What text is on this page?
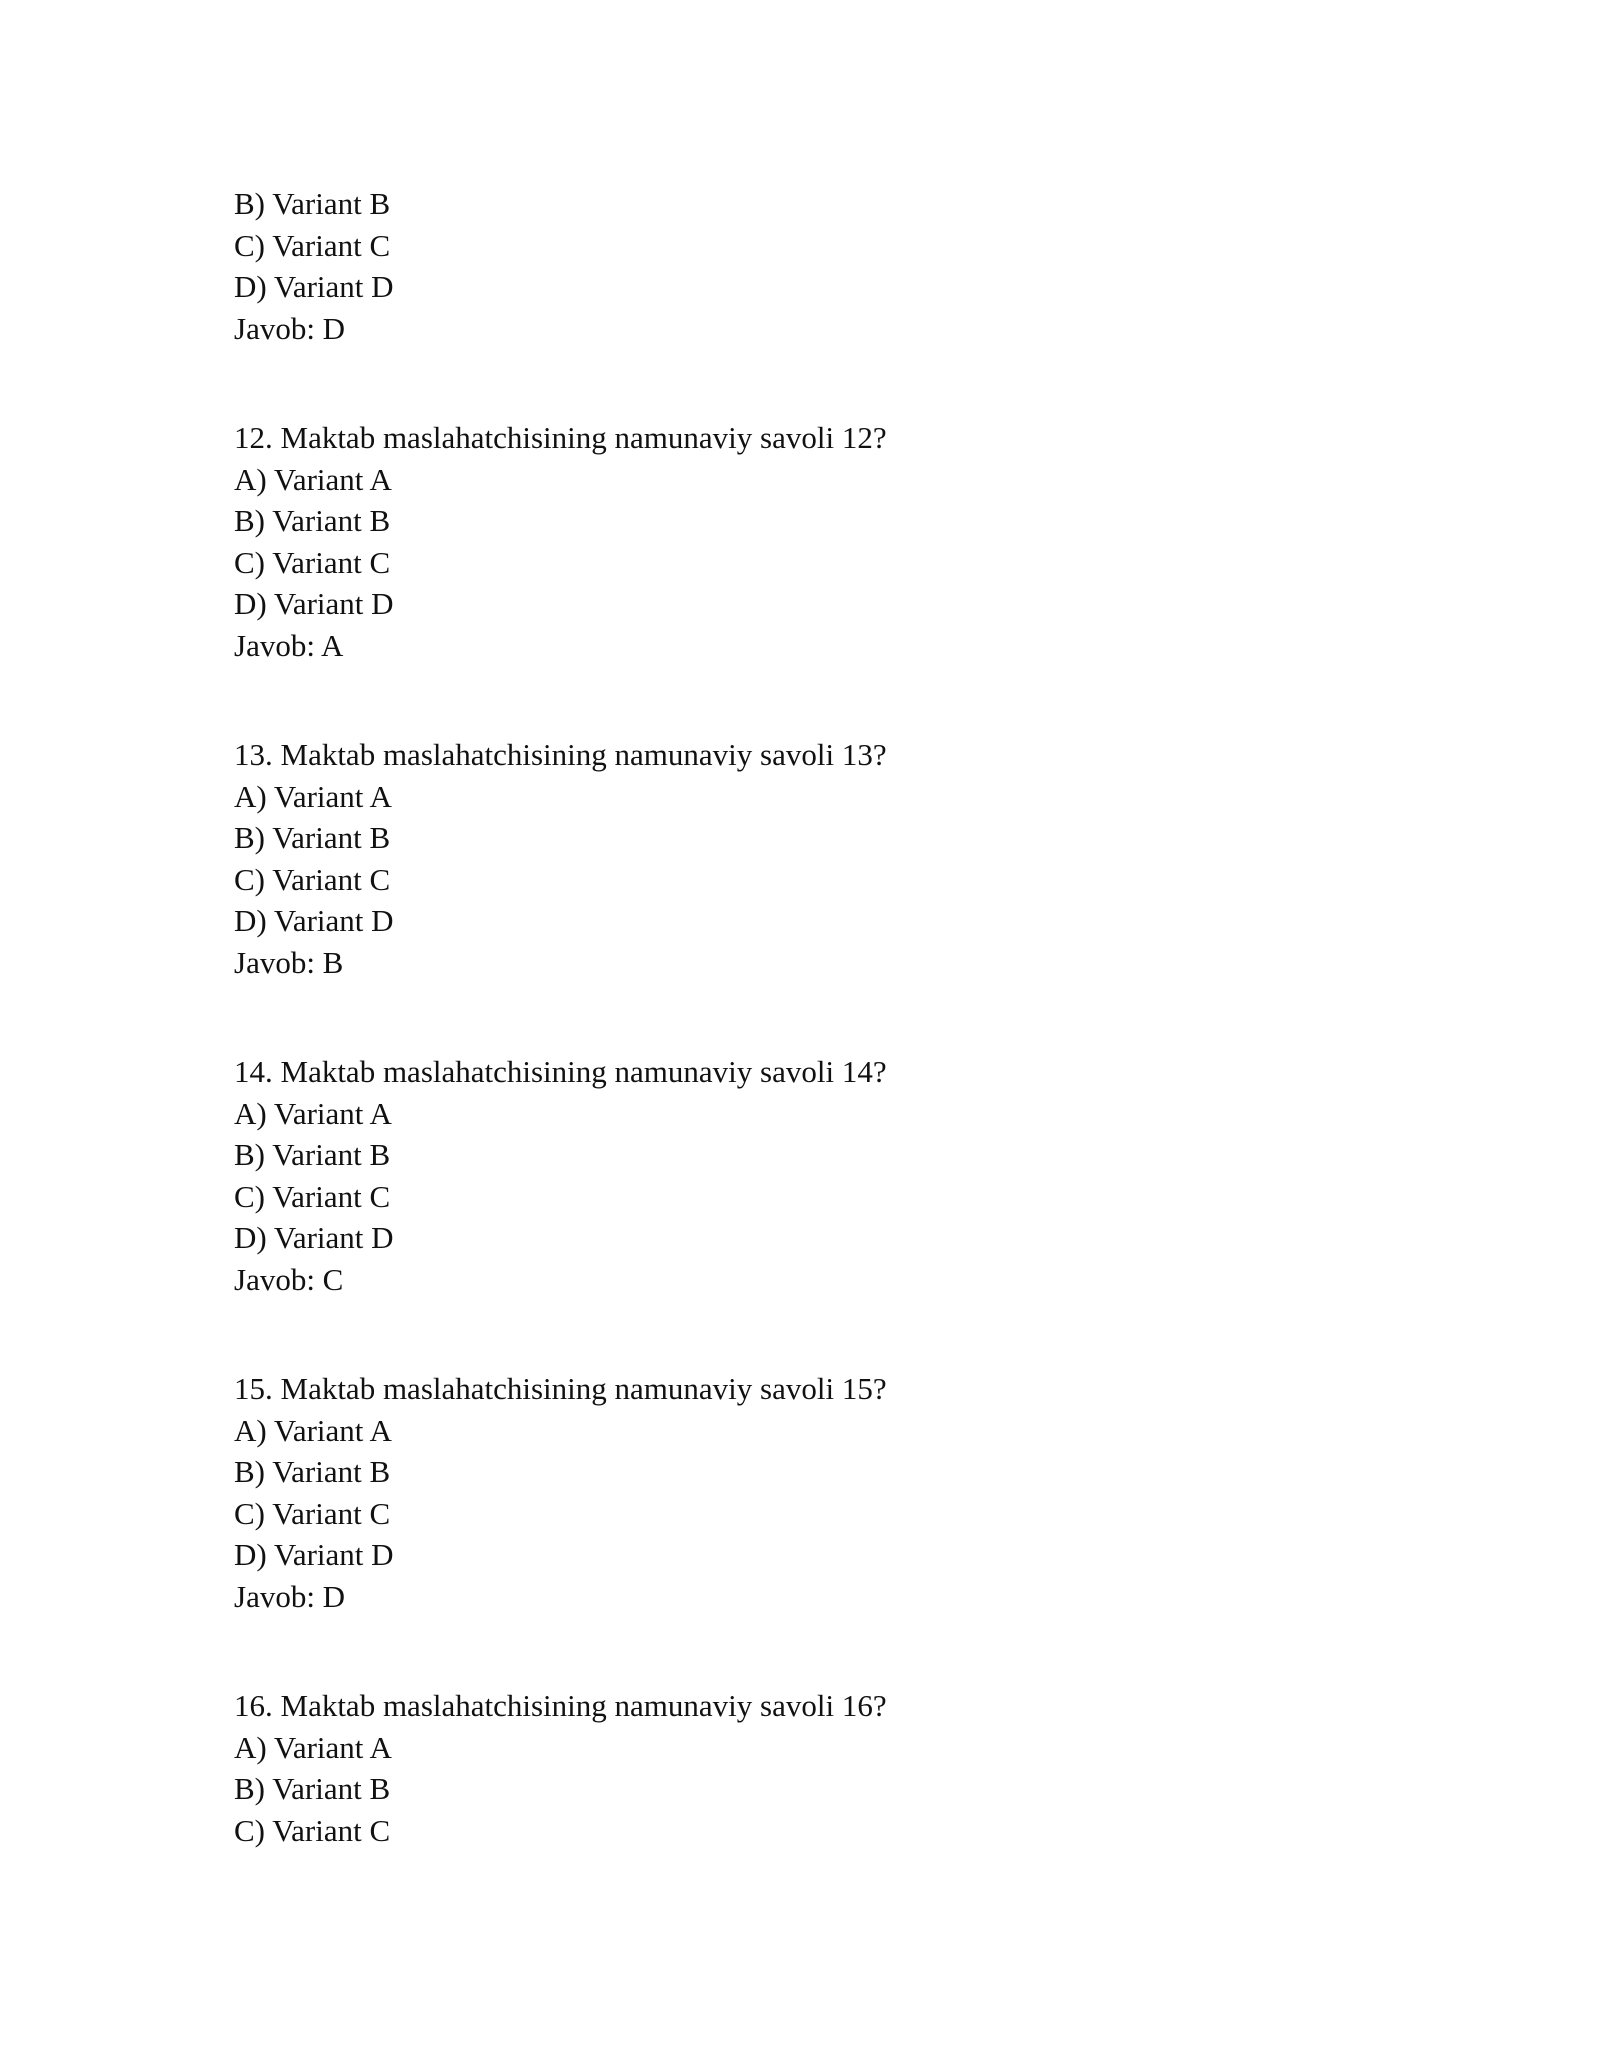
B) Variant B
C) Variant C
D) Variant D
Javob: D
12. Maktab maslahatchisining namunaviy savoli 12?
A) Variant A
B) Variant B
C) Variant C
D) Variant D
Javob: A
13. Maktab maslahatchisining namunaviy savoli 13?
A) Variant A
B) Variant B
C) Variant C
D) Variant D
Javob: B
14. Maktab maslahatchisining namunaviy savoli 14?
A) Variant A
B) Variant B
C) Variant C
D) Variant D
Javob: C
15. Maktab maslahatchisining namunaviy savoli 15?
A) Variant A
B) Variant B
C) Variant C
D) Variant D
Javob: D
16. Maktab maslahatchisining namunaviy savoli 16?
A) Variant A
B) Variant B
C) Variant C
